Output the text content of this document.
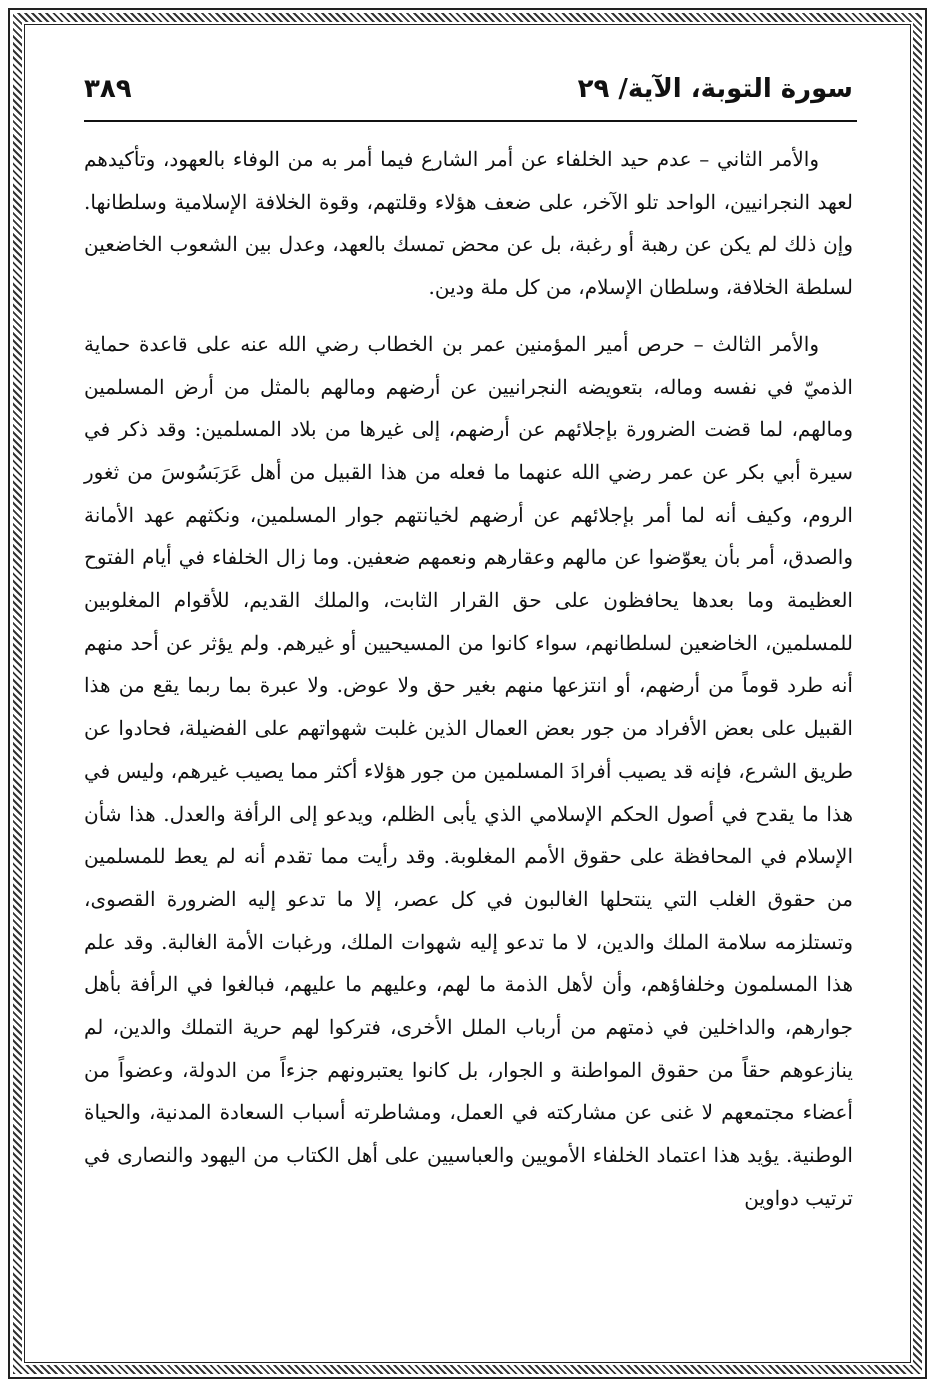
سورة التوبة، الآية/ ٢٩
٣٨٩

والأمر الثاني – عدم حيد الخلفاء عن أمر الشارع فيما أمر به من الوفاء بالعهود، وتأكيدهم لعهد النجرانيين، الواحد تلو الآخر، على ضعف هؤلاء وقلتهم، وقوة الخلافة الإسلامية وسلطانها. وإن ذلك لم يكن عن رهبة أو رغبة، بل عن محض تمسك بالعهد، وعدل بين الشعوب الخاضعين لسلطة الخلافة، وسلطان الإسلام، من كل ملة ودين.

والأمر الثالث – حرص أمير المؤمنين عمر بن الخطاب رضي الله عنه على قاعدة حماية الذميّ في نفسه وماله، بتعويضه النجرانيين عن أرضهم ومالهم بالمثل من أرض المسلمين ومالهم، لما قضت الضرورة بإجلائهم عن أرضهم، إلى غيرها من بلاد المسلمين: وقد ذكر في سيرة أبي بكر عن عمر رضي الله عنهما ما فعله من هذا القبيل من أهل عَرَبَسُوسَ من ثغور الروم، وكيف أنه لما أمر بإجلائهم عن أرضهم لخيانتهم جوار المسلمين، ونكثهم عهد الأمانة والصدق، أمر بأن يعوّضوا عن مالهم وعقارهم ونعمهم ضعفين. وما زال الخلفاء في أيام الفتوح العظيمة وما بعدها يحافظون على حق القرار الثابت، والملك القديم، للأقوام المغلوبين للمسلمين، الخاضعين لسلطانهم، سواء كانوا من المسيحيين أو غيرهم. ولم يؤثر عن أحد منهم أنه طرد قوماً من أرضهم، أو انتزعها منهم بغير حق ولا عوض. ولا عبرة بما ربما يقع من هذا القبيل على بعض الأفراد من جور بعض العمال الذين غلبت شهواتهم على الفضيلة، فحادوا عن طريق الشرع، فإنه قد يصيب أفرادَ المسلمين من جور هؤلاء أكثر مما يصيب غيرهم، وليس في هذا ما يقدح في أصول الحكم الإسلامي الذي يأبى الظلم، ويدعو إلى الرأفة والعدل. هذا شأن الإسلام في المحافظة على حقوق الأمم المغلوبة. وقد رأيت مما تقدم أنه لم يعط للمسلمين من حقوق الغلب التي ينتحلها الغالبون في كل عصر، إلا ما تدعو إليه الضرورة القصوى، وتستلزمه سلامة الملك والدين، لا ما تدعو إليه شهوات الملك، ورغبات الأمة الغالبة. وقد علم هذا المسلمون وخلفاؤهم، وأن لأهل الذمة ما لهم، وعليهم ما عليهم، فبالغوا في الرأفة بأهل جوارهم، والداخلين في ذمتهم من أرباب الملل الأخرى، فتركوا لهم حرية التملك والدين، لم ينازعوهم حقاً من حقوق المواطنة و الجوار، بل كانوا يعتبرونهم جزءاً من الدولة، وعضواً من أعضاء مجتمعهم لا غنى عن مشاركته في العمل، ومشاطرته أسباب السعادة المدنية، والحياة الوطنية. يؤيد هذا اعتماد الخلفاء الأمويين والعباسيين على أهل الكتاب من اليهود والنصارى في ترتيب دواوين
